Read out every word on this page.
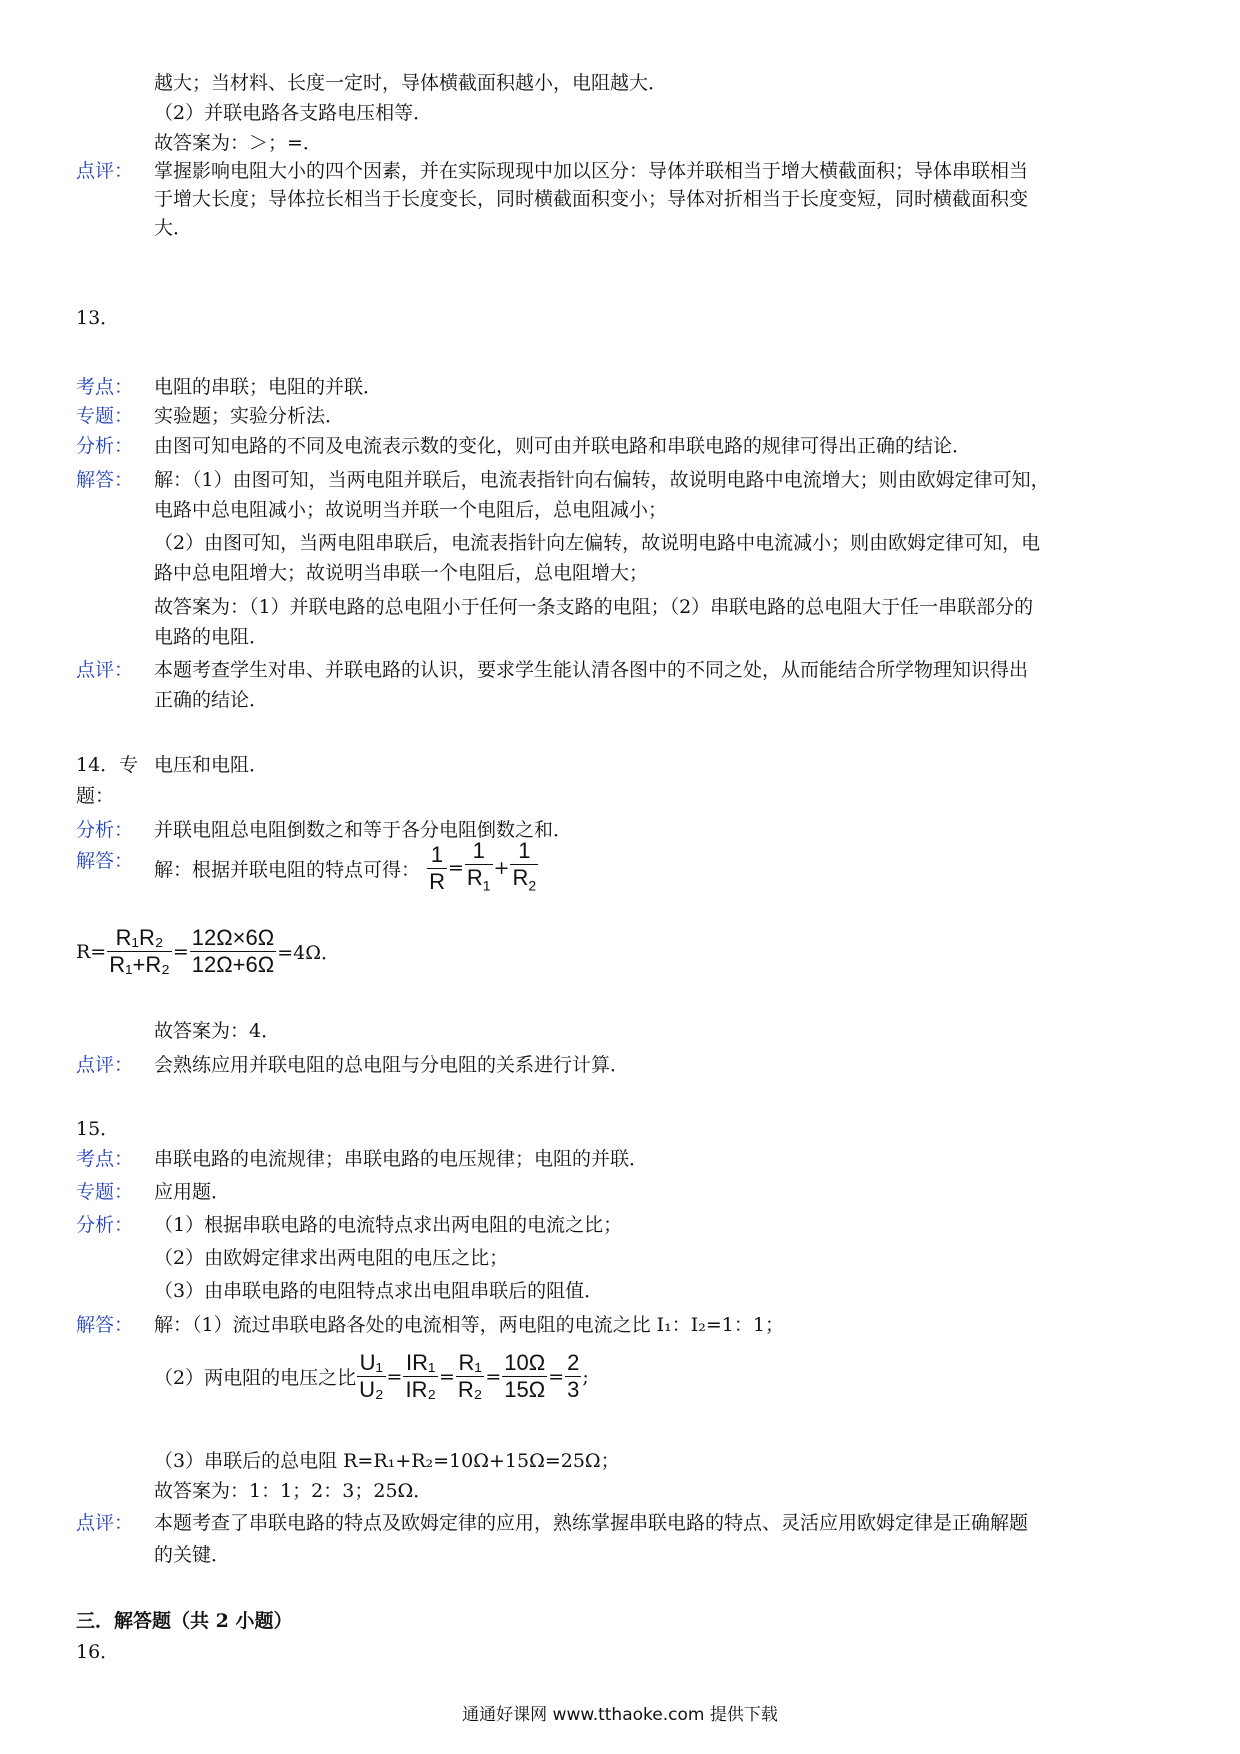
越大；当材料、长度一定时，导体横截面积越小，电阻越大．
（2）并联电路各支路电压相等．
故答案为：＞；=．
点评： 掌握影响电阻大小的四个因素，并在实际现现中加以区分：导体并联相当于增大横截面积；导体串联相当
于增大长度；导体拉长相当于长度变长，同时横截面积变小；导体对折相当于长度变短，同时横截面积变
大．
13．
考点： 电阻的串联；电阻的并联．
专题： 实验题；实验分析法．
分析： 由图可知电路的不同及电流表示数的变化，则可由并联电路和串联电路的规律可得出正确的结论．
解答： 解：（1）由图可知，当两电阻并联后，电流表指针向右偏转，故说明电路中电流增大；则由欧姆定律可知，
电路中总电阻减小；故说明当并联一个电阻后，总电阻减小；
（2）由图可知，当两电阻串联后，电流表指针向左偏转，故说明电路中电流减小；则由欧姆定律可知，电
路中总电阻增大；故说明当串联一个电阻后，总电阻增大；
故答案为：（1）并联电路的总电阻小于任何一条支路的电阻；（2）串联电路的总电阻大于任一串联部分的
电路的电阻．
点评： 本题考查学生对串、并联电路的认识，要求学生能认清各图中的不同之处，从而能结合所学物理知识得出
正确的结论．
14．专 电压和电阻．
题：
分析： 并联电阻总电阻倒数之和等于各分电阻倒数之和．
解答： 解：根据并联电阻的特点可得： $\frac{1}{R} = \frac{1}{R_1} + \frac{1}{R_2}$
$R= \frac{\text{R₁R₂}}{\text{R₁+R₂}} = \frac{12\Omega\times 6\Omega}{12\Omega+6\Omega} =4\Omega$．
故答案为：4．
点评： 会熟练应用并联电阻的总电阻与分电阻的关系进行计算．
15．
考点： 串联电路的电流规律；串联电路的电压规律；电阻的并联．
专题： 应用题．
分析： （1）根据串联电路的电流特点求出两电阻的电流之比；
（2）由欧姆定律求出两电阻的电压之比；
（3）由串联电路的电阻特点求出电阻串联后的阻值．
解答： 解：（1）流过串联电路各处的电流相等，两电阻的电流之比 I₁：I₂=1：1；
（2）两电阻的电压之比 $\frac{\text{U₁}}{\text{U₂}} = \frac{\text{IR₁}}{\text{IR₂}} = \frac{\text{R₁}}{\text{R₂}} = \frac{10\Omega}{15\Omega} = \frac{2}{3}$ ;
（3）串联后的总电阻 R=R₁+R₂=10Ω+15Ω=25Ω；
故答案为：1：1；2：3；25Ω．
点评： 本题考查了串联电路的特点及欧姆定律的应用，熟练掌握串联电路的特点、灵活应用欧姆定律是正确解题
的关键．
三．解答题（共 2 小题）
16．
通通好课网 www.tthaoke.com 提供下载
